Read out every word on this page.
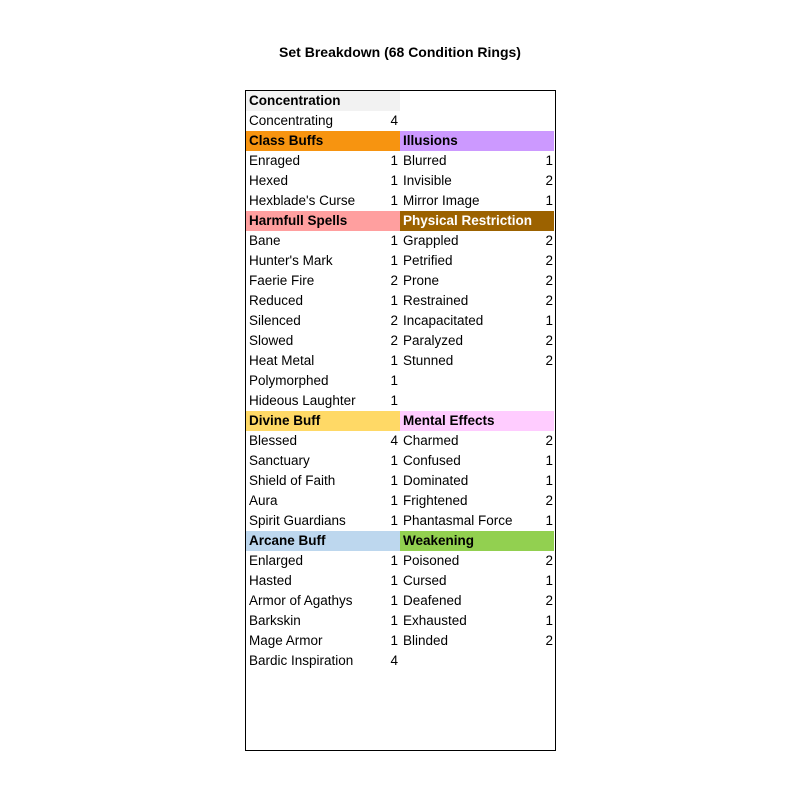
Set Breakdown (68 Condition Rings)
Concentration
Concentrating	4
Class Buffs
Enraged	1
Hexed	1
Hexblade's Curse	1
Illusions
Blurred	1
Invisible	2
Mirror Image	1
Harmfull Spells
Bane	1
Hunter's Mark	1
Faerie Fire	2
Reduced	1
Silenced	2
Slowed	2
Heat Metal	1
Polymorphed	1
Hideous Laughter	1
Physical Restriction
Grappled	2
Petrified	2
Prone	2
Restrained	2
Incapacitated	1
Paralyzed	2
Stunned	2
Divine Buff
Blessed	4
Sanctuary	1
Shield of Faith	1
Aura	1
Spirit Guardians	1
Mental Effects
Charmed	2
Confused	1
Dominated	1
Frightened	2
Phantasmal Force	1
Arcane Buff
Enlarged	1
Hasted	1
Armor of Agathys	1
Barkskin	1
Mage Armor	1
Bardic Inspiration	4
Weakening
Poisoned	2
Cursed	1
Deafened	2
Exhausted	1
Blinded	2
